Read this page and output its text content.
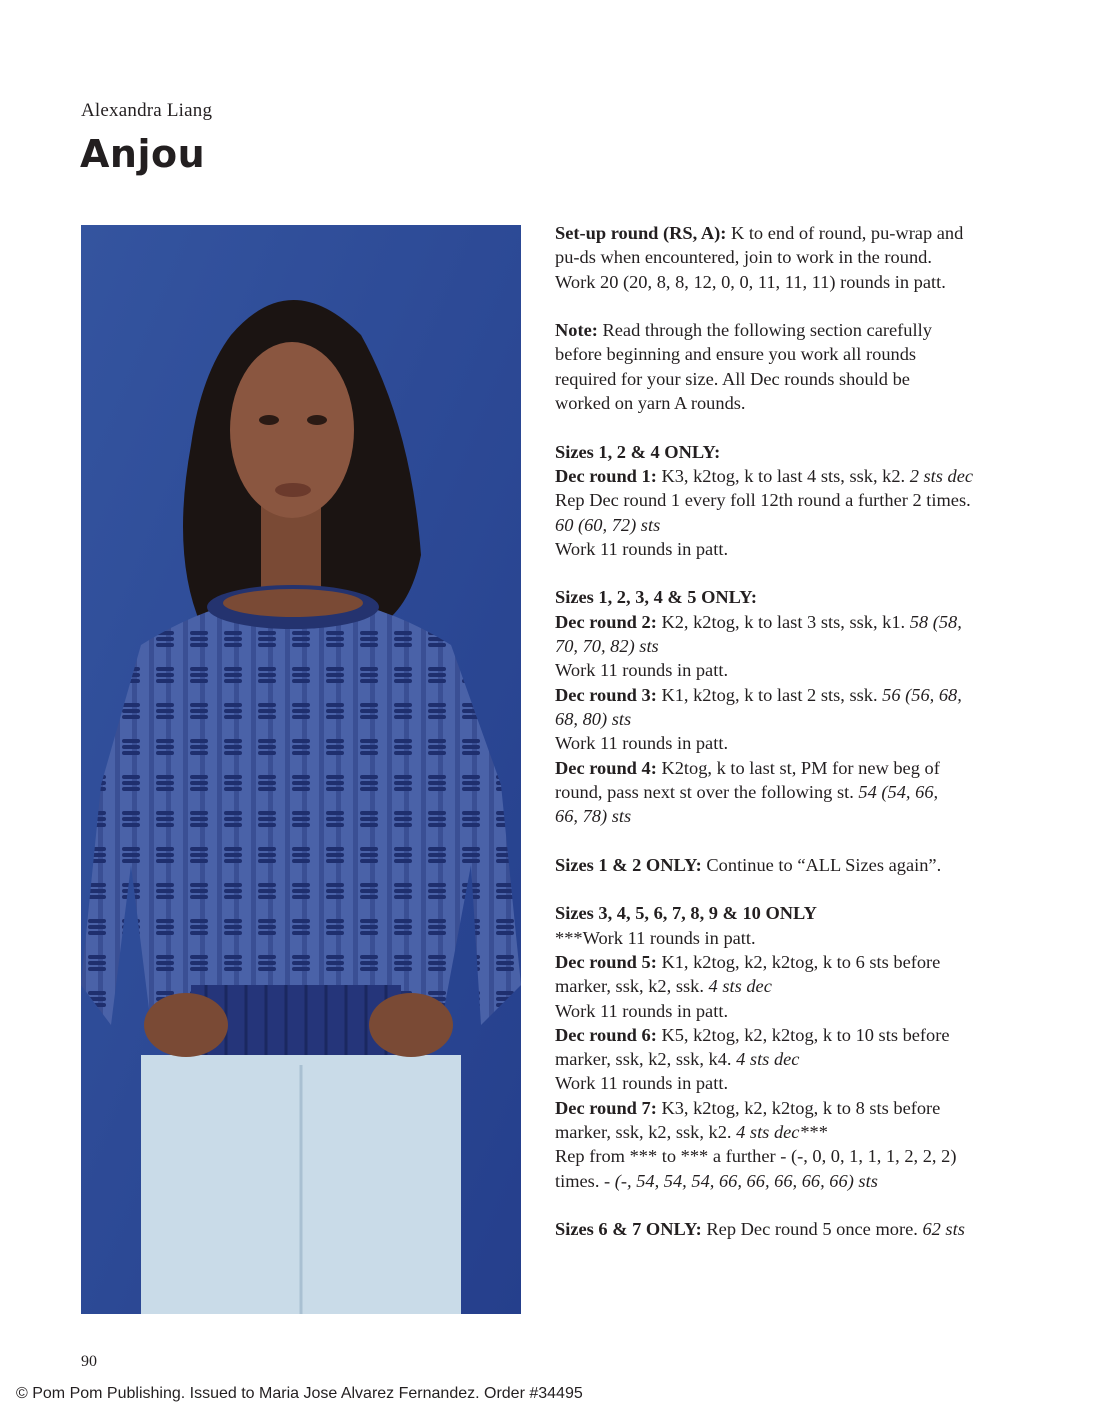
Alexandra Liang
Anjou

Set-up round (RS, A): K to end of round, pu-wrap and
pu-ds when encountered, join to work in the round.
Work 20 (20, 8, 8, 12, 0, 0, 11, 11, 11) rounds in patt.

Note: Read through the following section carefully
before beginning and ensure you work all rounds
required for your size. All Dec rounds should be
worked on yarn A rounds.

Sizes 1, 2 & 4 ONLY:
Dec round 1: K3, k2tog, k to last 4 sts, ssk, k2. 2 sts dec
Rep Dec round 1 every foll 12th round a further 2 times.
60 (60, 72) sts
Work 11 rounds in patt.

Sizes 1, 2, 3, 4 & 5 ONLY:
Dec round 2: K2, k2tog, k to last 3 sts, ssk, k1. 58 (58,
70, 70, 82) sts
Work 11 rounds in patt.
Dec round 3: K1, k2tog, k to last 2 sts, ssk. 56 (56, 68,
68, 80) sts
Work 11 rounds in patt.
Dec round 4: K2tog, k to last st, PM for new beg of
round, pass next st over the following st. 54 (54, 66,
66, 78) sts

Sizes 1 & 2 ONLY: Continue to “ALL Sizes again”.

Sizes 3, 4, 5, 6, 7, 8, 9 & 10 ONLY
***Work 11 rounds in patt.
Dec round 5: K1, k2tog, k2, k2tog, k to 6 sts before
marker, ssk, k2, ssk. 4 sts dec
Work 11 rounds in patt.
Dec round 6: K5, k2tog, k2, k2tog, k to 10 sts before
marker, ssk, k2, ssk, k4. 4 sts dec
Work 11 rounds in patt.
Dec round 7: K3, k2tog, k2, k2tog, k to 8 sts before
marker, ssk, k2, ssk, k2. 4 sts dec***
Rep from *** to *** a further - (-, 0, 0, 1, 1, 1, 2, 2, 2)
times. - (-, 54, 54, 54, 66, 66, 66, 66, 66) sts

Sizes 6 & 7 ONLY: Rep Dec round 5 once more. 62 sts

90
© Pom Pom Publishing. Issued to Maria Jose Alvarez Fernandez. Order #34495
